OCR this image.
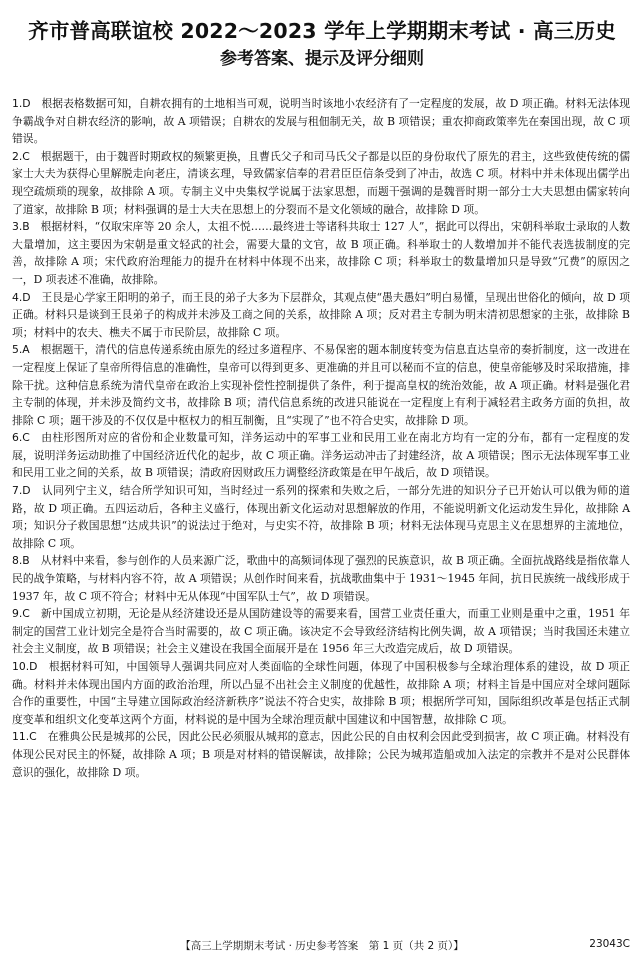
齐市普高联谊校 2022～2023 学年上学期期末考试 · 高三历史
参考答案、提示及评分细则

1.D　 根据表格数据可知，自耕农拥有的土地相当可观，说明当时该地小农经济有了一定程度的发展，故 D 项正确。材料无法体现争霸战争对自耕农经济的影响，故 A 项错误；自耕农的发展与租佃制无关，故 B 项错误；重农抑商政策率先在秦国出现，故 C 项错误。

2.C　 根据题干，由于魏晋时期政权的频繁更换，且曹氏父子和司马氏父子都是以臣的身份取代了原先的君主，这些致使传统的儒家士大夫为获得心里解脱走向老庄，清谈玄理，导致儒家信奉的君君臣臣信条受到了冲击，故选 C 项。材料中并未体现出儒学出现空疏烦琐的现象，故排除 A 项。专制主义中央集权学说属于法家思想，而题干强调的是魏晋时期一部分士大夫思想由儒家转向了道家，故排除 B 项；材料强调的是士大夫在思想上的分裂而不是文化领域的融合，故排除 D 项。

3.B　 根据材料，“仅取宋庠等 20 余人，太祖不悦……最终进士等诸科共取士 127 人”，据此可以得出，宋朝科举取士录取的人数大量增加，这主要因为宋朝是重文轻武的社会，需要大量的文官，故 B 项正确。科举取士的人数增加并不能代表选拔制度的完善，故排除 A 项；宋代政府治理能力的提升在材料中体现不出来，故排除 C 项；科举取士的数量增加只是导致“冗费”的原因之一，D 项表述不准确，故排除。

4.D　 王艮是心学家王阳明的弟子，而王艮的弟子大多为下层群众，其观点使“愚夫愚妇”明白易懂，呈现出世俗化的倾向，故 D 项正确。材料只是谈到王艮弟子的构成并未涉及工商之间的关系，故排除 A 项；反对君主专制为明末清初思想家的主张，故排除 B 项；材料中的农夫、樵夫不属于市民阶层，故排除 C 项。

5.A　 根据题干，清代的信息传递系统由原先的经过多道程序、不易保密的题本制度转变为信息直达皇帝的奏折制度，这一改进在一定程度上保证了皇帝所得信息的准确性，皇帝可以得到更多、更准确的并且可以秘而不宣的信息，使皇帝能够及时采取措施，排除干扰。这种信息系统为清代皇帝在政治上实现补偿性控制提供了条件，利于提高皇权的统治效能，故 A 项正确。材料是强化君主专制的体现，并未涉及简约文书，故排除 B 项；清代信息系统的改进只能说在一定程度上有利于减轻君主政务方面的负担，故排除 C 项；题干涉及的不仅仅是中枢权力的相互制衡，且“实现了”也不符合史实，故排除 D 项。

6.C　 由柱形图所对应的省份和企业数量可知，洋务运动中的军事工业和民用工业在南北方均有一定的分布，都有一定程度的发展，说明洋务运动助推了中国经济近代化的起步，故 C 项正确。洋务运动冲击了封建经济，故 A 项错误；图示无法体现军事工业和民用工业之间的关系，故 B 项错误；清政府因财政压力调整经济政策是在甲午战后，故 D 项错误。

7.D　 认同列宁主义，结合所学知识可知，当时经过一系列的探索和失败之后，一部分先进的知识分子已开始认可以俄为师的道路，故 D 项正确。五四运动后，各种主义盛行，体现出新文化运动对思想解放的作用，不能说明新文化运动发生异化，故排除 A 项；知识分子救国思想“达成共识”的说法过于绝对，与史实不符，故排除 B 项；材料无法体现马克思主义在思想界的主流地位，故排除 C 项。

8.B　 从材料中来看，参与创作的人员来源广泛，歌曲中的高频词体现了强烈的民族意识，故 B 项正确。全面抗战路线是指依靠人民的战争策略，与材料内容不符，故 A 项错误；从创作时间来看，抗战歌曲集中于 1931～1945 年间，抗日民族统一战线形成于 1937 年，故 C 项不符合；材料中无从体现“中国军队士气”，故 D 项错误。

9.C　 新中国成立初期，无论是从经济建设还是从国防建设等的需要来看，国营工业责任重大，而重工业则是重中之重，1951 年制定的国营工业计划完全是符合当时需要的，故 C 项正确。该决定不会导致经济结构比例失调，故 A 项错误；当时我国还未建立社会主义制度，故 B 项错误；社会主义建设在我国全面展开是在 1956 年三大改造完成后，故 D 项错误。

10.D　 根据材料可知，中国领导人强调共同应对人类面临的全球性问题，体现了中国积极参与全球治理体系的建设，故 D 项正确。材料并未体现出国内方面的政治治理，所以凸显不出社会主义制度的优越性，故排除 A 项；材料主旨是中国应对全球问题际合作的重要性，中国“主导建立国际政治经济新秩序”说法不符合史实，故排除 B 项；根据所学可知，国际组织改革是包括正式制度变革和组织文化变革这两个方面，材料说的是中国为全球治理贡献中国建议和中国智慧，故排除 C 项。

11.C　 在雅典公民是城邦的公民，因此公民必须服从城邦的意志，因此公民的自由权利会因此受到损害，故 C 项正确。材料没有体现公民对民主的怀疑，故排除 A 项；B 项是对材料的错误解读，故排除；公民为城邦造船或加入法定的宗教并不是对公民群体意识的强化，故排除 D 项。

【高三上学期期末考试 · 历史参考答案　第 1 页（共 2 页）】	23043C
